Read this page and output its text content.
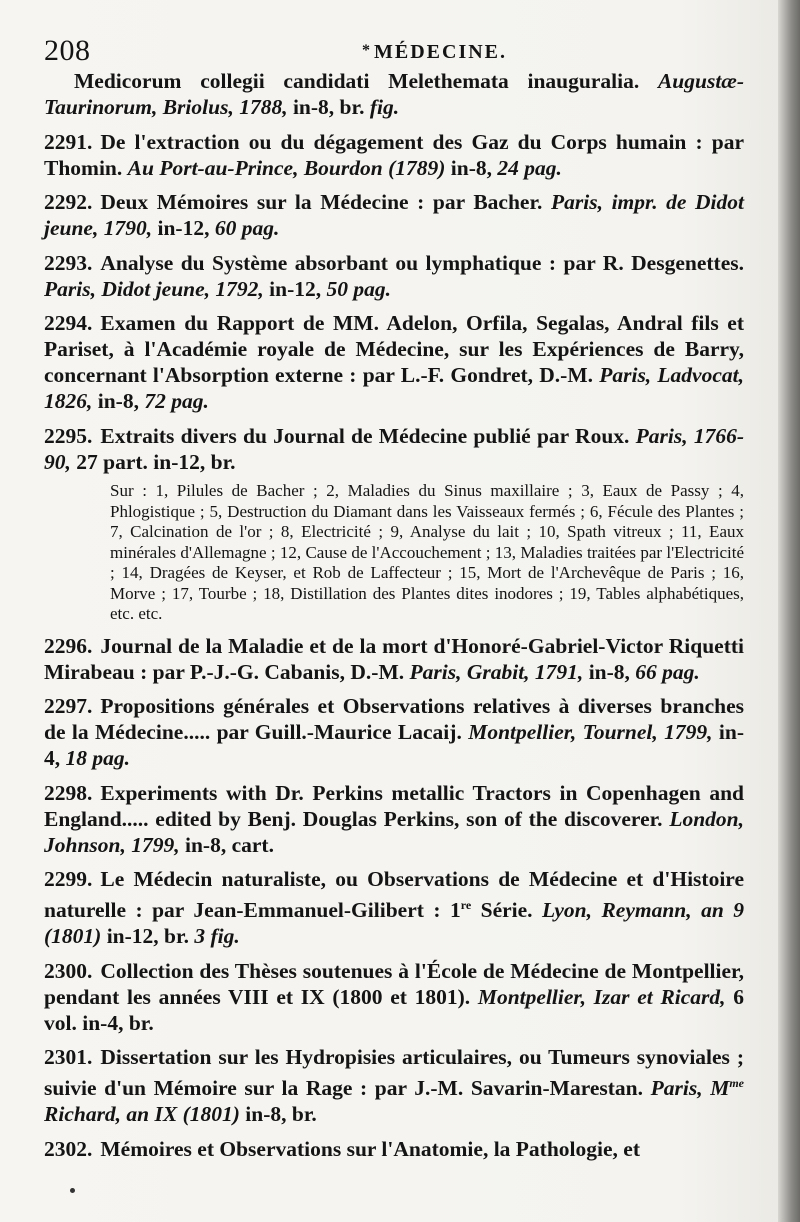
208	* MÉDECINE.
Medicorum collegii candidati Melethemata inauguralia. Augustæ-Taurinorum, Briolus, 1788, in-8, br. fig.
2291. De l'extraction ou du dégagement des Gaz du Corps humain : par Thomin. Au Port-au-Prince, Bourdon (1789) in-8, 24 pag.
2292. Deux Mémoires sur la Médecine : par Bacher. Paris, impr. de Didot jeune, 1790, in-12, 60 pag.
2293. Analyse du Système absorbant ou lymphatique : par R. Desgenettes. Paris, Didot jeune, 1792, in-12, 50 pag.
2294. Examen du Rapport de MM. Adelon, Orfila, Segalas, Andral fils et Pariset, à l'Académie royale de Médecine, sur les Expériences de Barry, concernant l'Absorption externe : par L.-F. Gondret, D.-M. Paris, Ladvocat, 1826, in-8, 72 pag.
2295. Extraits divers du Journal de Médecine publié par Roux. Paris, 1766-90, 27 part. in-12, br.
Sur : 1, Pilules de Bacher ; 2, Maladies du Sinus maxillaire ; 3, Eaux de Passy ; 4, Phlogistique ; 5, Destruction du Diamant dans les Vaisseaux fermés ; 6, Fécule des Plantes ; 7, Calcination de l'or ; 8, Electricité ; 9, Analyse du lait ; 10, Spath vitreux ; 11, Eaux minérales d'Allemagne ; 12, Cause de l'Accouchement ; 13, Maladies traitées par l'Electricité ; 14, Dragées de Keyser, et Rob de Laffecteur ; 15, Mort de l'Archevêque de Paris ; 16, Morve ; 17, Tourbe ; 18, Distillation des Plantes dites inodores ; 19, Tables alphabétiques, etc. etc.
2296. Journal de la Maladie et de la mort d'Honoré-Gabriel-Victor Riquetti Mirabeau : par P.-J.-G. Cabanis, D.-M. Paris, Grabit, 1791, in-8, 66 pag.
2297. Propositions générales et Observations relatives à diverses branches de la Médecine..... par Guill.-Maurice Lacaij. Montpellier, Tournel, 1799, in-4, 18 pag.
2298. Experiments with Dr. Perkins metallic Tractors in Copenhagen and England..... edited by Benj. Douglas Perkins, son of the discoverer. London, Johnson, 1799, in-8, cart.
2299. Le Médecin naturaliste, ou Observations de Médecine et d'Histoire naturelle : par Jean-Emmanuel-Gilibert : 1re Série. Lyon, Reymann, an 9 (1801) in-12, br. 3 fig.
2300. Collection des Thèses soutenues à l'École de Médecine de Montpellier, pendant les années VIII et IX (1800 et 1801). Montpellier, Izar et Ricard, 6 vol. in-4, br.
2301. Dissertation sur les Hydropisies articulaires, ou Tumeurs synoviales ; suivie d'un Mémoire sur la Rage : par J.-M. Savarin-Marestan. Paris, $M^{me}$ Richard, an IX (1801) in-8, br.
2302. Mémoires et Observations sur l'Anatomie, la Pathologie, et
